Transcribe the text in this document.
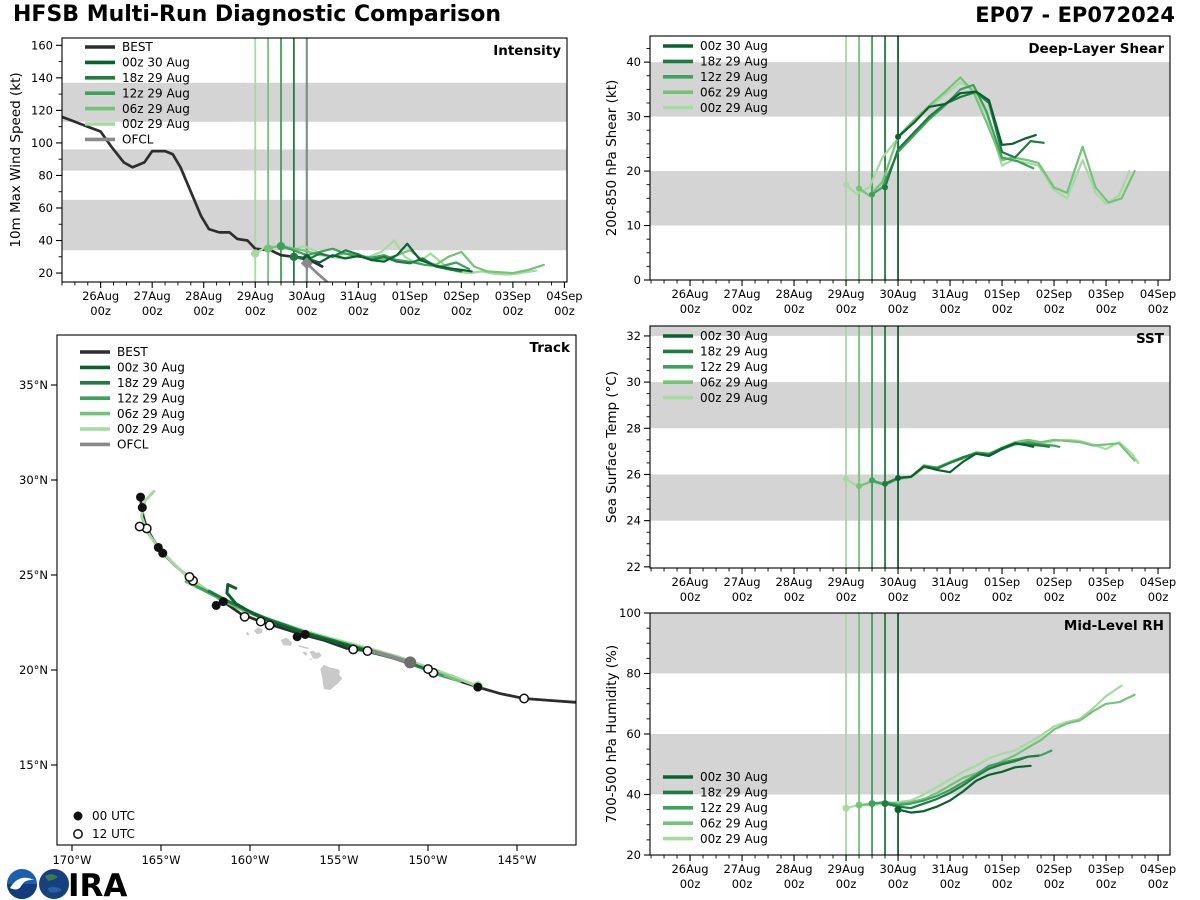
HFSB Multi-Run Diagnostic Comparison	EP07 - EP072024
26Aug
00z
27Aug
00z
28Aug
00z
29Aug
00z
30Aug
00z
31Aug
00z
01Sep
00z
02Sep
00z
03Sep
00z
04Sep
00z
20
40
60
80
100
120
140
160
10m Max Wind Speed (kt)
Intensity
BEST
00z 30 Aug
18z 29 Aug
12z 29 Aug
06z 29 Aug
00z 29 Aug
OFCL
26Aug
00z
27Aug
00z
28Aug
00z
29Aug
00z
30Aug
00z
31Aug
00z
01Sep
00z
02Sep
00z
03Sep
00z
04Sep
00z
0
10
20
30
40
200-850 hPa Shear (kt)
Deep-Layer Shear
00z 30 Aug
18z 29 Aug
12z 29 Aug
06z 29 Aug
00z 29 Aug
26Aug
00z
27Aug
00z
28Aug
00z
29Aug
00z
30Aug
00z
31Aug
00z
01Sep
00z
02Sep
00z
03Sep
00z
04Sep
00z
22
24
26
28
30
32
Sea Surface Temp (°C)
SST
00z 30 Aug
18z 29 Aug
12z 29 Aug
06z 29 Aug
00z 29 Aug
26Aug
00z
27Aug
00z
28Aug
00z
29Aug
00z
30Aug
00z
31Aug
00z
01Sep
00z
02Sep
00z
03Sep
00z
04Sep
00z
20
40
60
80
100
700-500 hPa Humidity (%)
Mid-Level RH
00z 30 Aug
18z 29 Aug
12z 29 Aug
06z 29 Aug
00z 29 Aug
170°W	165°W	160°W	155°W	150°W	145°W
15°N
20°N
25°N
30°N
35°N
Track
BEST
00z 30 Aug
18z 29 Aug
12z 29 Aug
06z 29 Aug
00z 29 Aug
OFCL
00 UTC
12 UTC
IRA
